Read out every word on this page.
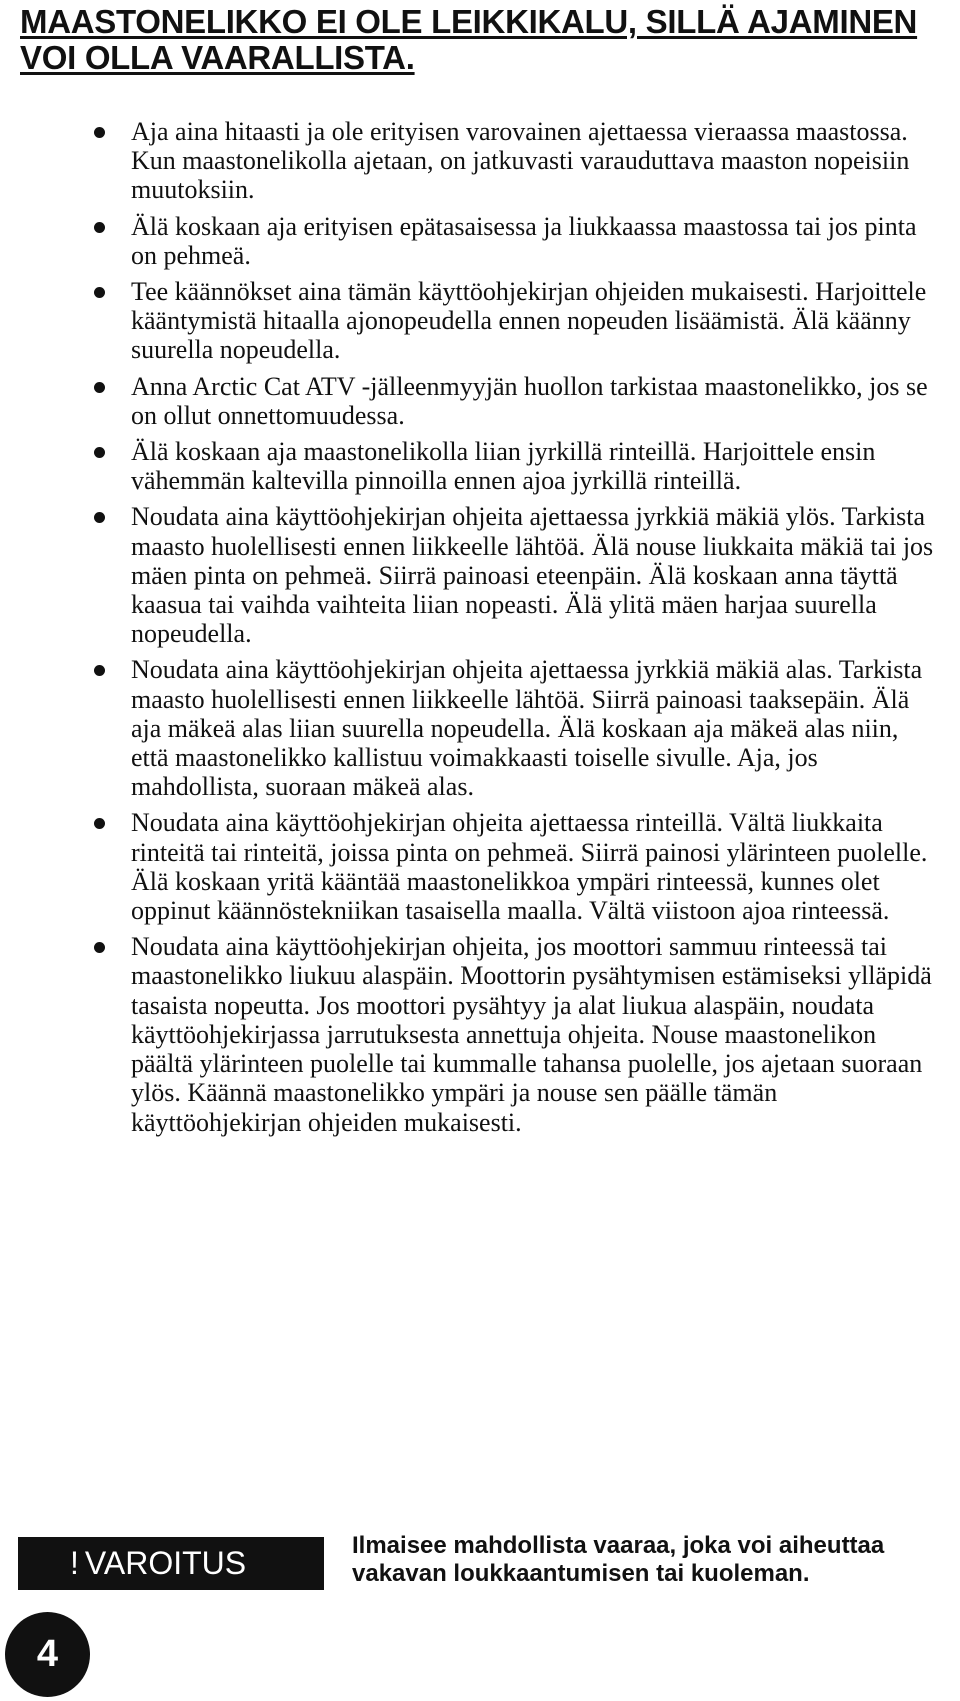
MAASTONELIKKO EI OLE LEIKKIKALU, SILLÄ AJAMINEN VOI OLLA VAARALLISTA.
Aja aina hitaasti ja ole erityisen varovainen ajettaessa vieraassa maastossa. Kun maastonelikolla ajetaan, on jatkuvasti varauduttava maaston nopeisiin muutoksiin.
Älä koskaan aja erityisen epätasaisessa ja liukkaassa maastossa tai jos pinta on pehmeä.
Tee käännökset aina tämän käyttöohjekirjan ohjeiden mukaisesti. Harjoittele kääntymistä hitaalla ajonopeudella ennen nopeuden lisäämistä. Älä käänny suurella nopeudella.
Anna Arctic Cat ATV -jälleenmyyjän huollon tarkistaa maastonelikko, jos se on ollut onnettomuudessa.
Älä koskaan aja maastonelikolla liian jyrkillä rinteillä. Harjoittele ensin vähemmän kaltevilla pinnoilla ennen ajoa jyrkillä rinteillä.
Noudata aina käyttöohjekirjan ohjeita ajettaessa jyrkkiä mäkiä ylös. Tarkista maasto huolellisesti ennen liikkeelle lähtöä. Älä nouse liukkaita mäkiä tai jos mäen pinta on pehmeä. Siirrä painoasi eteenpäin. Älä koskaan anna täyttä kaasua tai vaihda vaihteita liian nopeasti. Älä ylitä mäen harjaa suurella nopeudella.
Noudata aina käyttöohjekirjan ohjeita ajettaessa jyrkkiä mäkiä alas. Tarkista maasto huolellisesti ennen liikkeelle lähtöä. Siirrä painoasi taaksepäin. Älä aja mäkeä alas liian suurella nopeudella. Älä koskaan aja mäkeä alas niin, että maastonelikko kallistuu voimakkaasti toiselle sivulle. Aja, jos mahdollista, suoraan mäkeä alas.
Noudata aina käyttöohjekirjan ohjeita ajettaessa rinteillä. Vältä liukkaita rinteitä tai rinteitä, joissa pinta on pehmeä. Siirrä painosi ylärinteen puolelle. Älä koskaan yritä kääntää maastonelikkoa ympäri rinteessä, kunnes olet oppinut käännöstekniikan tasaisella maalla. Vältä viistoon ajoa rinteessä.
Noudata aina käyttöohjekirjan ohjeita, jos moottori sammuu rinteessä tai maastonelikko liukuu alaspäin. Moottorin pysähtymisen estämiseksi ylläpidä tasaista nopeutta. Jos moottori pysähtyy ja alat liukua alaspäin, noudata käyttöohjekirjassa jarrutuksesta annettuja ohjeita. Nouse maastonelikon päältä ylärinteen puolelle tai kummalle tahansa puolelle, jos ajetaan suoraan ylös. Käännä maastonelikko ympäri ja nouse sen päälle tämän käyttöohjekirjan ohjeiden mukaisesti.
! VAROITUS	Ilmaisee mahdollista vaaraa, joka voi aiheuttaa vakavan loukkaantumisen tai kuoleman.
4
